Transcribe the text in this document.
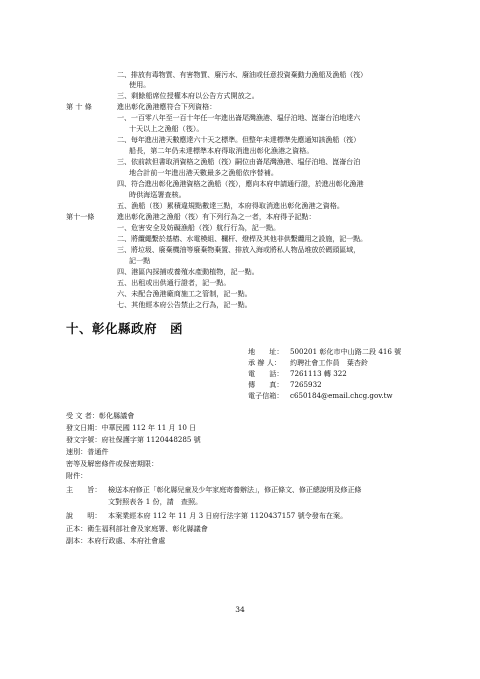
二、排放有毒物質、有害物質、廢污水、廢油或任意投資棄動力漁船及漁船（筏）
使用。
三、剩餘船席位授權本府以公告方式開放之。
第 十 條	進出彰化漁港應符合下列資格：
一、一百零八年至一百十年任一年進出崙尾灣漁港、塭仔泊地、崑崙台泊地達六
十天以上之漁船（筏）。
二、每年進出港天數應達六十天之標準。但整年未達標準先應通知該漁船（筏）
船長，第二年仍未達標準本府得取消進出彰化漁港之資格。
三、依前款但書取消資格之漁船（筏）嗣位由崙尾灣漁港、塭仔泊地、崑崙台泊
地合計前一年進出港天數最多之漁船依序替補。
四、符合進出彰化漁港資格之漁船（筏），應向本府申請通行證，於進出彰化漁港
時供海巡署查核。
五、漁船（筏）累積違規點數達三點，本府得取消進出彰化漁港之資格。
第十一條	進出彰化漁港之漁船（筏）有下列行為之一者，本府得予記點：
一、危害安全及妨礙漁船（筏）航行行為，記一點。
二、將纜繩繫於基樁、水電模組、欄杆、燈桿及其他非供繫纜用之設施，記一點。
三、將垃圾、廢棄機油等廢棄物棄置、排放入海或將私人物品堆放於碼頭區域，
記一點
四、港區內採捕或養殖水產動植物，記一點。
五、出租或出供通行證者，記一點。
六、未配合漁港廠商施工之管制，記一點。
七、其他經本府公告禁止之行為，記一點。
十、彰化縣政府　函
地　　址： 500201 彰化市中山路二段 416 號
承 辦 人： 約聘社會工作員　葉杏鈴
電　　話： 7261113 轉 322
傳　　真： 7265932
電子信箱： c650184@email.chcg.gov.tw
受 文 者：彰化縣議會
發文日期：中華民國 112 年 11 月 10 日
發文字號：府社保護字第 1120448285 號
速別：普通件
密等及解密條件或保密期限：
附件：
主　　旨： 檢送本府修正「彰化縣兒童及少年家庭寄養辦法」，修正條文、修正總說明及修正條
文對照表各 1 份，請　查照。
說　　明： 本案業經本府 112 年 11 月 3 日府行法字第 1120437157 號令發布在案。
正本：衛生福利部社會及家庭署、彰化縣議會
副本：本府行政處、本府社會處
34
